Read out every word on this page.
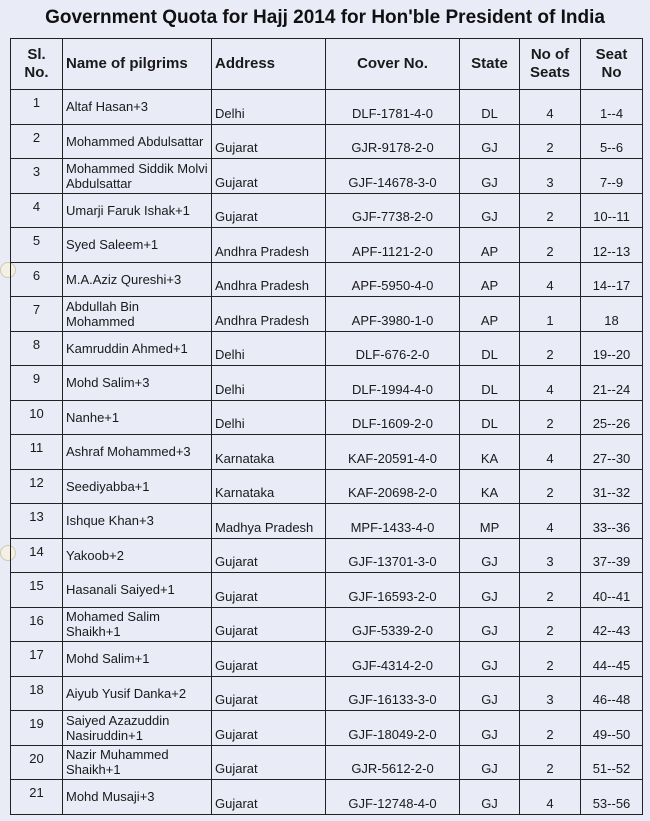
Government Quota for Hajj 2014 for Hon'ble President of India
Sl. No.	Name of pilgrims	Address	Cover No.	State	No of Seats	Seat No
1	Altaf Hasan+3	Delhi	DLF-1781-4-0	DL	4	1--4
2	Mohammed Abdulsattar	Gujarat	GJR-9178-2-0	GJ	2	5--6
3	Mohammed Siddik Molvi Abdulsattar	Gujarat	GJF-14678-3-0	GJ	3	7--9
4	Umarji Faruk Ishak+1	Gujarat	GJF-7738-2-0	GJ	2	10--11
5	Syed Saleem+1	Andhra Pradesh	APF-1121-2-0	AP	2	12--13
6	M.A.Aziz Qureshi+3	Andhra Pradesh	APF-5950-4-0	AP	4	14--17
7	Abdullah Bin Mohammed	Andhra Pradesh	APF-3980-1-0	AP	1	18
8	Kamruddin Ahmed+1	Delhi	DLF-676-2-0	DL	2	19--20
9	Mohd Salim+3	Delhi	DLF-1994-4-0	DL	4	21--24
10	Nanhe+1	Delhi	DLF-1609-2-0	DL	2	25--26
11	Ashraf Mohammed+3	Karnataka	KAF-20591-4-0	KA	4	27--30
12	Seediyabba+1	Karnataka	KAF-20698-2-0	KA	2	31--32
13	Ishque Khan+3	Madhya Pradesh	MPF-1433-4-0	MP	4	33--36
14	Yakoob+2	Gujarat	GJF-13701-3-0	GJ	3	37--39
15	Hasanali Saiyed+1	Gujarat	GJF-16593-2-0	GJ	2	40--41
16	Mohamed Salim Shaikh+1	Gujarat	GJF-5339-2-0	GJ	2	42--43
17	Mohd Salim+1	Gujarat	GJF-4314-2-0	GJ	2	44--45
18	Aiyub Yusif Danka+2	Gujarat	GJF-16133-3-0	GJ	3	46--48
19	Saiyed Azazuddin Nasiruddin+1	Gujarat	GJF-18049-2-0	GJ	2	49--50
20	Nazir Muhammed Shaikh+1	Gujarat	GJR-5612-2-0	GJ	2	51--52
21	Mohd Musaji+3	Gujarat	GJF-12748-4-0	GJ	4	53--56
